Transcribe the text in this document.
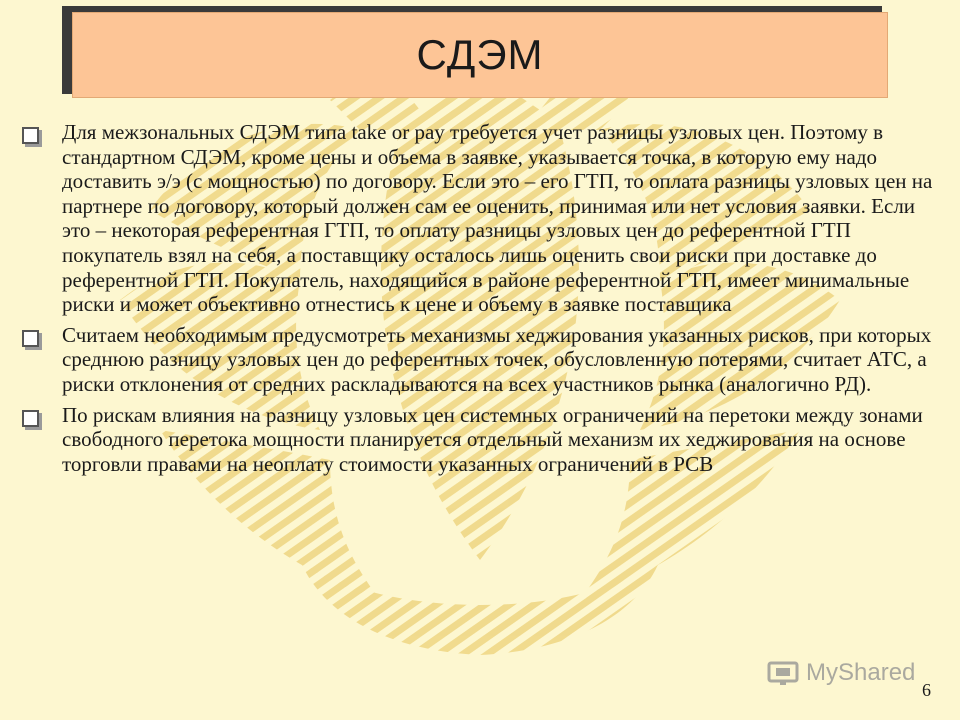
СДЭМ
Для межзональных СДЭМ типа take or pay требуется учет разницы узловых цен. Поэтому в стандартном СДЭМ, кроме цены и объема в заявке, указывается точка, в которую ему надо доставить э/э (с мощностью) по договору. Если это – его ГТП, то оплата разницы узловых цен на партнере по договору, который должен сам ее оценить, принимая или нет условия заявки. Если это – некоторая референтная ГТП, то оплату разницы узловых цен до референтной ГТП покупатель взял на себя, а поставщику осталось лишь оценить свои риски при доставке до референтной ГТП. Покупатель, находящийся в районе референтной ГТП, имеет минимальные риски и может объективно отнестись к цене и объему в заявке поставщика
Считаем необходимым предусмотреть механизмы хеджирования указанных рисков, при которых среднюю разницу узловых цен до референтных точек, обусловленную потерями, считает АТС, а риски отклонения от средних раскладываются на всех участников рынка (аналогично РД).
По рискам влияния на разницу узловых цен системных ограничений на перетоки между зонами свободного перетока мощности планируется отдельный механизм их хеджирования на основе торговли правами на неоплату стоимости указанных ограничений в РСВ
MyShared
6
